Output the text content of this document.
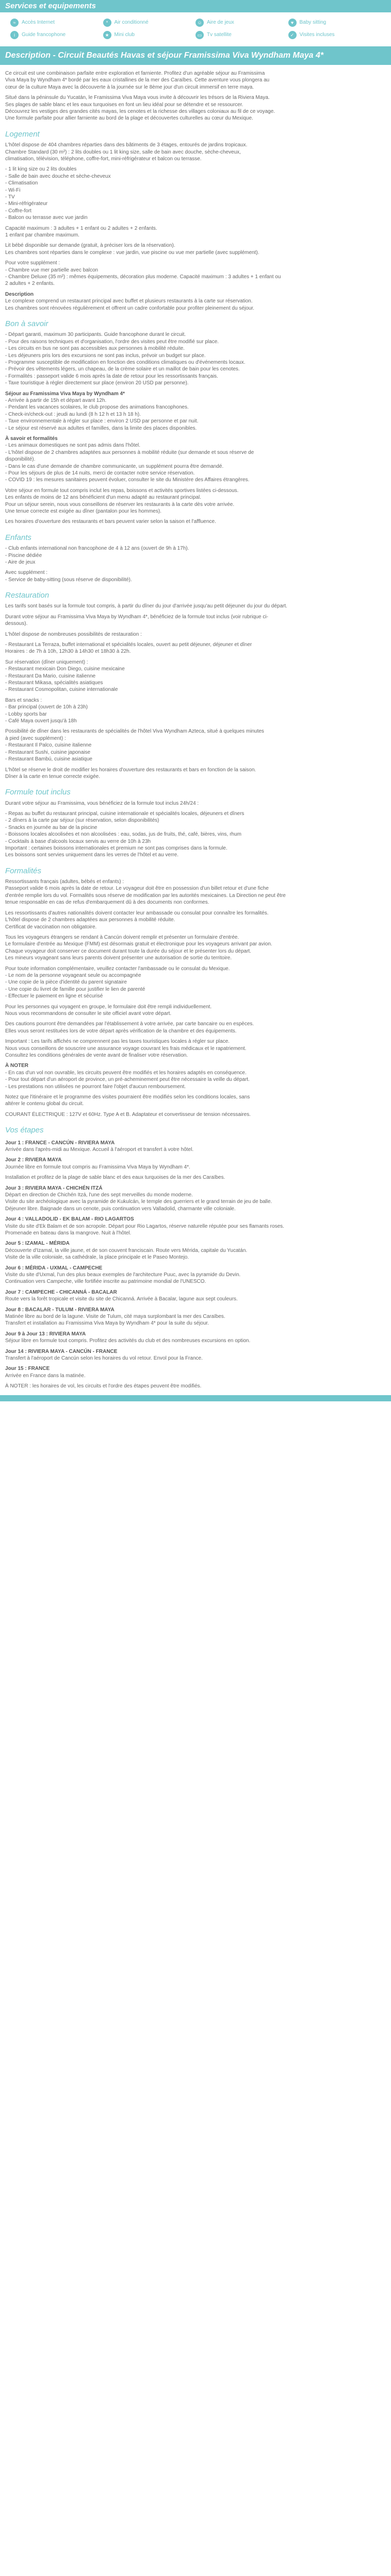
Services et equipements
≈	Accès Internet	*	Air conditionné	☺ Aire de jeux	♥	Baby sitting
i	Guide francophone	★ Mini club	▭ Tv satellite	✓	Visites incluses
Description - Circuit Beautés Havas et séjour Framissima Viva Wyndham Maya 4*

Ce circuit est une combinaison parfaite entre exploration et farniente. Profitez d'un agréable séjour au Framissima

Viva Maya by Wyndham 4* bordé par les eaux cristallines de la mer des Caraïbes. Cette aventure vous plongera au

cœur de la culture Maya avec la découverte à la journée sur le 8ème jour d'un circuit immersif en terre maya.

Situé dans la péninsule du Yucatán, le Framissima Viva Maya vous invite à découvrir les trésors de la Riviera Maya.

Ses plages de sable blanc et les eaux turquoises en font un lieu idéal pour se détendre et se ressourcer.

Découvrez les vestiges des grandes cités mayas, les cenotes et la richesse des villages coloniaux au fil de ce voyage.

Une formule parfaite pour allier farniente au bord de la plage et découvertes culturelles au cœur du Mexique.

Logement

L'hôtel dispose de 404 chambres réparties dans des bâtiments de 3 étages, entourés de jardins tropicaux.

Chambre Standard (30 m²) : 2 lits doubles ou 1 lit king size, salle de bain avec douche, sèche-cheveux,

climatisation, télévision, téléphone, coffre-fort, mini-réfrigérateur et balcon ou terrasse.

- 1 lit king size ou 2 lits doubles

- Salle de bain avec douche et sèche-cheveux

- Climatisation

- Wi-Fi

- TV

- Mini-réfrigérateur

- Coffre-fort

- Balcon ou terrasse avec vue jardin

Capacité maximum : 3 adultes + 1 enfant ou 2 adultes + 2 enfants.

1 enfant par chambre maximum.

Lit bébé disponible sur demande (gratuit, à préciser lors de la réservation).

Les chambres sont réparties dans le complexe : vue jardin, vue piscine ou vue mer partielle (avec supplément).

Pour votre supplément :

- Chambre vue mer partielle avec balcon

- Chambre Deluxe (35 m²) : mêmes équipements, décoration plus moderne. Capacité maximum : 3 adultes + 1 enfant ou

2 adultes + 2 enfants.

Description

Le complexe comprend un restaurant principal avec buffet et plusieurs restaurants à la carte sur réservation.

Les chambres sont rénovées régulièrement et offrent un cadre confortable pour profiter pleinement du séjour.

Bon à savoir

- Départ garanti, maximum 30 participants. Guide francophone durant le circuit.

- Pour des raisons techniques et d'organisation, l'ordre des visites peut être modifié sur place.

- Les circuits en bus ne sont pas accessibles aux personnes à mobilité réduite.

- Les déjeuners pris lors des excursions ne sont pas inclus, prévoir un budget sur place.

- Programme susceptible de modification en fonction des conditions climatiques ou d'événements locaux.

- Prévoir des vêtements légers, un chapeau, de la crème solaire et un maillot de bain pour les cenotes.

- Formalités : passeport valide 6 mois après la date de retour pour les ressortissants français.

- Taxe touristique à régler directement sur place (environ 20 USD par personne).

Séjour au Framissima Viva Maya by Wyndham 4*

- Arrivée à partir de 15h et départ avant 12h.

- Pendant les vacances scolaires, le club propose des animations francophones.

- Check-in/check-out : jeudi au lundi (8 h 12 h et 13 h 18 h).

- Taxe environnementale à régler sur place : environ 2 USD par personne et par nuit.

- Le séjour est réservé aux adultes et familles, dans la limite des places disponibles.

À savoir et formalités

- Les animaux domestiques ne sont pas admis dans l'hôtel.

- L'hôtel dispose de 2 chambres adaptées aux personnes à mobilité réduite (sur demande et sous réserve de

disponibilité).

- Dans le cas d'une demande de chambre communicante, un supplément pourra être demandé.

- Pour les séjours de plus de 14 nuits, merci de contacter notre service réservation.

- COVID 19 : les mesures sanitaires peuvent évoluer, consulter le site du Ministère des Affaires étrangères.

Votre séjour en formule tout compris inclut les repas, boissons et activités sportives listées ci-dessous.

Les enfants de moins de 12 ans bénéficient d'un menu adapté au restaurant principal.

Pour un séjour serein, nous vous conseillons de réserver les restaurants à la carte dès votre arrivée.

Une tenue correcte est exigée au dîner (pantalon pour les hommes).

Les horaires d'ouverture des restaurants et bars peuvent varier selon la saison et l'affluence.

Enfants

- Club enfants international non francophone de 4 à 12 ans (ouvert de 9h à 17h).

- Piscine dédiée

- Aire de jeux

Avec supplément :

- Service de baby-sitting (sous réserve de disponibilité).

Restauration

Les tarifs sont basés sur la formule tout compris, à partir du dîner du jour d'arrivée jusqu'au petit déjeuner du jour du départ.

Durant votre séjour au Framissima Viva Maya by Wyndham 4*, bénéficiez de la formule tout inclus (voir rubrique ci-

dessous).

L'hôtel dispose de nombreuses possibilités de restauration :

- Restaurant La Terraza, buffet international et spécialités locales, ouvert au petit déjeuner, déjeuner et dîner

Horaires : de 7h à 10h, 12h30 à 14h30 et 18h30 à 22h.

Sur réservation (dîner uniquement) :

- Restaurant mexicain Don Diego, cuisine mexicaine

- Restaurant Da Mario, cuisine italienne

- Restaurant Mikasa, spécialités asiatiques

- Restaurant Cosmopolitan, cuisine internationale

Bars et snacks :

- Bar principal (ouvert de 10h à 23h)

- Lobby sports bar

- Café Maya ouvert jusqu'à 18h

Possibilité de dîner dans les restaurants de spécialités de l'hôtel Viva Wyndham Azteca, situé à quelques minutes

à pied (avec supplément) :

- Restaurant Il Palco, cuisine italienne

- Restaurant Sushi, cuisine japonaise

- Restaurant Bambú, cuisine asiatique

L'hôtel se réserve le droit de modifier les horaires d'ouverture des restaurants et bars en fonction de la saison.

Dîner à la carte en tenue correcte exigée.

Formule tout inclus

Durant votre séjour au Framissima, vous bénéficiez de la formule tout inclus 24h/24 :

- Repas au buffet du restaurant principal, cuisine internationale et spécialités locales, déjeuners et dîners

- 2 dîners à la carte par séjour (sur réservation, selon disponibilités)

- Snacks en journée au bar de la piscine

- Boissons locales alcoolisées et non alcoolisées : eau, sodas, jus de fruits, thé, café, bières, vins, rhum

- Cocktails à base d'alcools locaux servis au verre de 10h à 23h

Important : certaines boissons internationales et premium ne sont pas comprises dans la formule.

Les boissons sont servies uniquement dans les verres de l'hôtel et au verre.

Formalités

Ressortissants français (adultes, bébés et enfants) :

Passeport valide 6 mois après la date de retour. Le voyageur doit être en possession d'un billet retour et d'une fiche

d'entrée remplie lors du vol. Formalités sous réserve de modification par les autorités mexicaines. La Direction ne peut être

tenue responsable en cas de refus d'embarquement dû à des documents non conformes.

Les ressortissants d'autres nationalités doivent contacter leur ambassade ou consulat pour connaître les formalités.

L'hôtel dispose de 2 chambres adaptées aux personnes à mobilité réduite.

Certificat de vaccination non obligatoire.

Tous les voyageurs étrangers se rendant à Cancún doivent remplir et présenter un formulaire d'entrée.

Le formulaire d'entrée au Mexique (FMM) est désormais gratuit et électronique pour les voyageurs arrivant par avion.

Chaque voyageur doit conserver ce document durant toute la durée du séjour et le présenter lors du départ.

Les mineurs voyageant sans leurs parents doivent présenter une autorisation de sortie du territoire.

Pour toute information complémentaire, veuillez contacter l'ambassade ou le consulat du Mexique.

- Le nom de la personne voyageant seule ou accompagnée

- Une copie de la pièce d'identité du parent signataire

- Une copie du livret de famille pour justifier le lien de parenté

- Effectuer le paiement en ligne et sécurisé

Pour les personnes qui voyagent en groupe, le formulaire doit être rempli individuellement.

Nous vous recommandons de consulter le site officiel avant votre départ.

Des cautions pourront être demandées par l'établissement à votre arrivée, par carte bancaire ou en espèces.

Elles vous seront restituées lors de votre départ après vérification de la chambre et des équipements.

Important : Les tarifs affichés ne comprennent pas les taxes touristiques locales à régler sur place.

Nous vous conseillons de souscrire une assurance voyage couvrant les frais médicaux et le rapatriement.

Consultez les conditions générales de vente avant de finaliser votre réservation.

À NOTER

- En cas d'un vol non ouvrable, les circuits peuvent être modifiés et les horaires adaptés en conséquence.

- Pour tout départ d'un aéroport de province, un pré-acheminement peut être nécessaire la veille du départ.

- Les prestations non utilisées ne pourront faire l'objet d'aucun remboursement.

Notez que l'itinéraire et le programme des visites pourraient être modifiés selon les conditions locales, sans

altérer le contenu global du circuit.

COURANT ÉLECTRIQUE : 127V et 60Hz. Type A et B. Adaptateur et convertisseur de tension nécessaires.

Vos étapes

Jour 1 : FRANCE - CANCÚN - RIVIERA MAYA

Arrivée dans l'après-midi au Mexique. Accueil à l'aéroport et transfert à votre hôtel.

Jour 2 : RIVIERA MAYA

Journée libre en formule tout compris au Framissima Viva Maya by Wyndham 4*.

Installation et profitez de la plage de sable blanc et des eaux turquoises de la mer des Caraïbes.

Jour 3 : RIVIERA MAYA - CHICHÉN ITZÁ

Départ en direction de Chichén Itzá, l'une des sept merveilles du monde moderne.

Visite du site archéologique avec la pyramide de Kukulcán, le temple des guerriers et le grand terrain de jeu de balle.

Déjeuner libre. Baignade dans un cenote, puis continuation vers Valladolid, charmante ville coloniale.

Jour 4 : VALLADOLID - EK BALAM - RIO LAGARTOS

Visite du site d'Ek Balam et de son acropole. Départ pour Rio Lagartos, réserve naturelle réputée pour ses flamants roses.

Promenade en bateau dans la mangrove. Nuit à l'hôtel.

Jour 5 : IZAMAL - MÉRIDA

Découverte d'Izamal, la ville jaune, et de son couvent franciscain. Route vers Mérida, capitale du Yucatán.

Visite de la ville coloniale, sa cathédrale, la place principale et le Paseo Montejo.

Jour 6 : MÉRIDA - UXMAL - CAMPECHE

Visite du site d'Uxmal, l'un des plus beaux exemples de l'architecture Puuc, avec la pyramide du Devin.

Continuation vers Campeche, ville fortifiée inscrite au patrimoine mondial de l'UNESCO.

Jour 7 : CAMPECHE - CHICANNÁ - BACALAR

Route vers la forêt tropicale et visite du site de Chicanná. Arrivée à Bacalar, lagune aux sept couleurs.

Jour 8 : BACALAR - TULUM - RIVIERA MAYA

Matinée libre au bord de la lagune. Visite de Tulum, cité maya surplombant la mer des Caraïbes.

Transfert et installation au Framissima Viva Maya by Wyndham 4* pour la suite du séjour.

Jour 9 à Jour 13 : RIVIERA MAYA

Séjour libre en formule tout compris. Profitez des activités du club et des nombreuses excursions en option.

Jour 14 : RIVIERA MAYA - CANCÚN - FRANCE

Transfert à l'aéroport de Cancún selon les horaires du vol retour. Envol pour la France.

Jour 15 : FRANCE

Arrivée en France dans la matinée.

À NOTER : les horaires de vol, les circuits et l'ordre des étapes peuvent être modifiés.
